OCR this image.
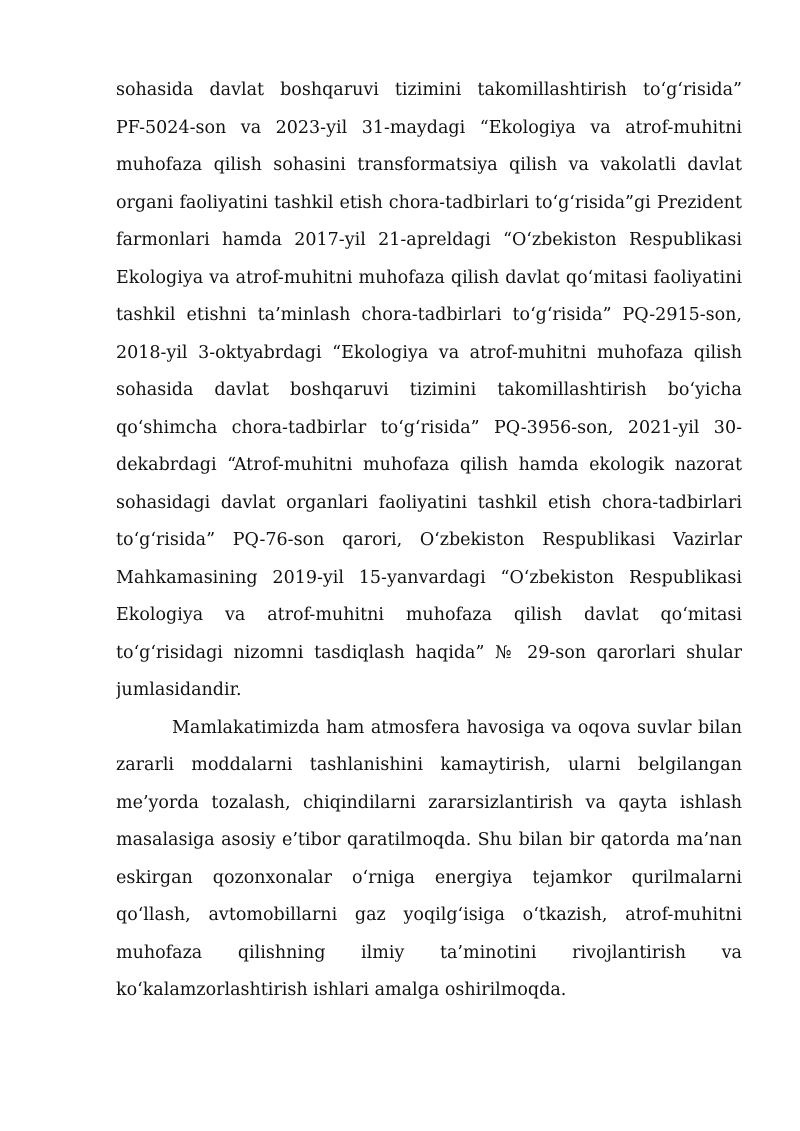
sohasida davlat boshqaruvi tizimini takomillashtirish to‘g‘risida”
PF-5024-son va 2023-yil 31-maydagi “Ekologiya va atrof-muhitni
muhofaza qilish sohasini transformatsiya qilish va vakolatli davlat
organi faoliyatini tashkil etish chora-tadbirlari to‘g‘risida”gi Prezident
farmonlari hamda 2017-yil 21-apreldagi “O‘zbekiston Respublikasi
Ekologiya va atrof-muhitni muhofaza qilish davlat qo‘mitasi faoliyatini
tashkil etishni ta’minlash chora-tadbirlari to‘g‘risida” PQ-2915-son,
2018-yil 3-oktyabrdagi “Ekologiya va atrof-muhitni muhofaza qilish
sohasida davlat boshqaruvi tizimini takomillashtirish bo‘yicha
qo‘shimcha chora-tadbirlar to‘g‘risida” PQ-3956-son, 2021-yil 30-
dekabrdagi “Atrof-muhitni muhofaza qilish hamda ekologik nazorat
sohasidagi davlat organlari faoliyatini tashkil etish chora-tadbirlari
to‘g‘risida” PQ-76-son qarori, O‘zbekiston Respublikasi Vazirlar
Mahkamasining 2019-yil 15-yanvardagi “O‘zbekiston Respublikasi
Ekologiya va atrof-muhitni muhofaza qilish davlat qo‘mitasi
to‘g‘risidagi nizomni tasdiqlash haqida” № 29-son qarorlari shular
jumlasidandir.
Mamlakatimizda ham atmosfera havosiga va oqova suvlar bilan
zararli moddalarni tashlanishini kamaytirish, ularni belgilangan
me’yorda tozalash, chiqindilarni zararsizlantirish va qayta ishlash
masalasiga asosiy e’tibor qaratilmoqda. Shu bilan bir qatorda ma’nan
eskirgan qozonxonalar o‘rniga energiya tejamkor qurilmalarni
qo‘llash, avtomobillarni gaz yoqilg‘isiga o‘tkazish, atrof-muhitni
muhofaza qilishning ilmiy ta’minotini rivojlantirish va
ko‘kalamzorlashtirish ishlari amalga oshirilmoqda.
